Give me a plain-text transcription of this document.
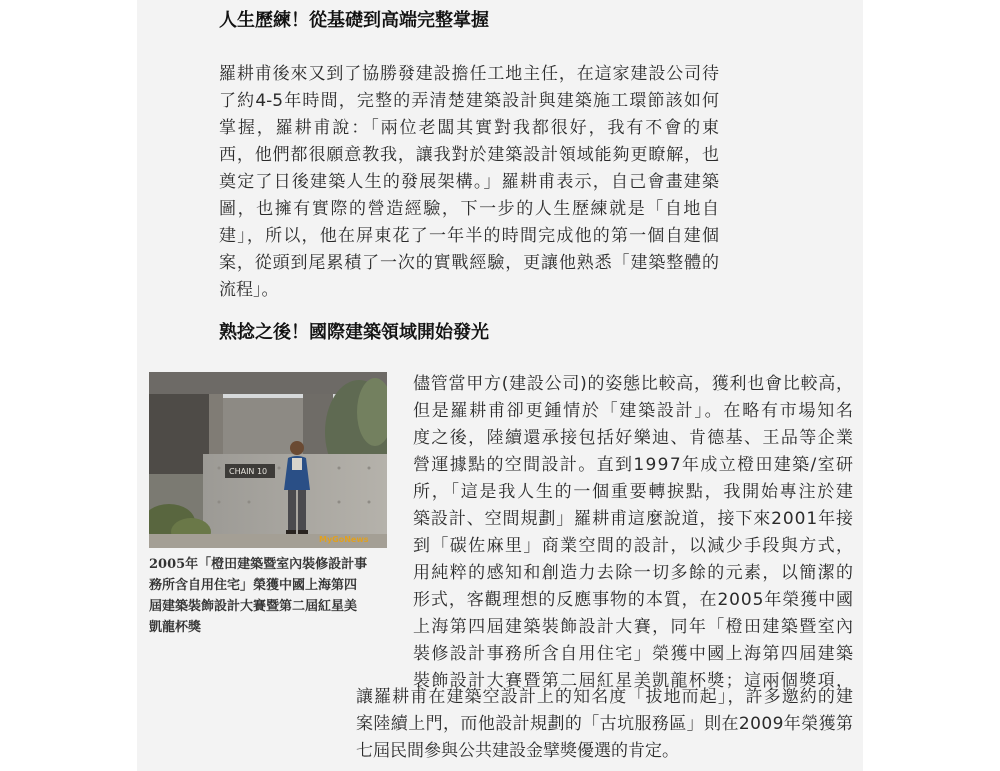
人生歷練！從基礎到高端完整掌握

羅耕甫後來又到了協勝發建設擔任工地主任，在這家建設公司待
了約4-5年時間，完整的弄清楚建築設計與建築施工環節該如何
掌握，羅耕甫說：「兩位老闆其實對我都很好，我有不會的東
西，他們都很願意教我，讓我對於建築設計領域能夠更瞭解，也
奠定了日後建築人生的發展架構。」羅耕甫表示，自己會畫建築
圖，也擁有實際的營造經驗，下一步的人生歷練就是「自地自
建」，所以，他在屏東花了一年半的時間完成他的第一個自建個
案，從頭到尾累積了一次的實戰經驗，更讓他熟悉「建築整體的
流程」。

熟捻之後！國際建築領域開始發光
CHAIN 10
MyGoNews

2005年「橙田建築暨室內裝修設計事
務所含自用住宅」榮獲中國上海第四
屆建築裝飾設計大賽暨第二屆紅星美
凱龍杯獎

儘管當甲方(建設公司)的姿態比較高，獲利也會比較高，
但是羅耕甫卻更鍾情於「建築設計」。在略有市場知名
度之後，陸續還承接包括好樂迪、肯德基、王品等企業
營運據點的空間設計。直到1997年成立橙田建築/室研
所，「這是我人生的一個重要轉捩點，我開始專注於建
築設計、空間規劃」羅耕甫這麼說道，接下來2001年接
到「碳佐麻里」商業空間的設計，以減少手段與方式，
用純粹的感知和創造力去除一切多餘的元素，以簡潔的
形式，客觀理想的反應事物的本質，在2005年榮獲中國
上海第四屆建築裝飾設計大賽，同年「橙田建築暨室內
裝修設計事務所含自用住宅」榮獲中國上海第四屆建築
裝飾設計大賽暨第二屆紅星美凱龍杯獎；這兩個獎項，
讓羅耕甫在建築空設計上的知名度「拔地而起」，許多邀約的建
案陸續上門，而他設計規劃的「古坑服務區」則在2009年榮獲第
七屆民間參與公共建設金擘獎優選的肯定。
